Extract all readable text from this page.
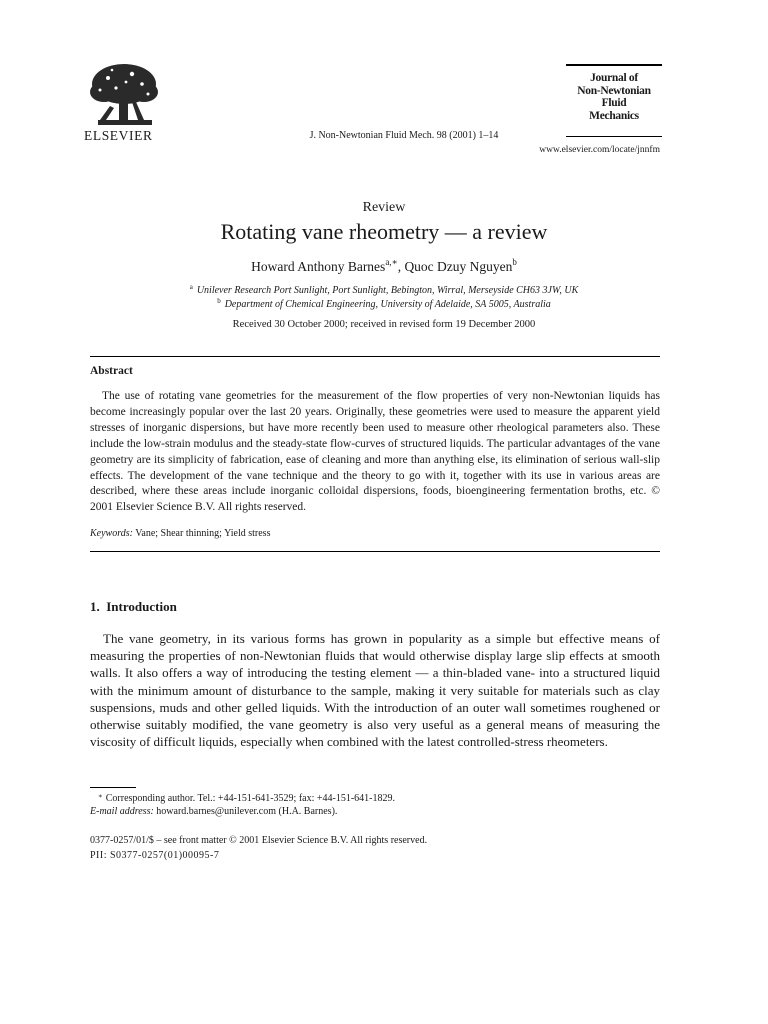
ELSEVIER	J. Non-Newtonian Fluid Mech. 98 (2001) 1–14
Journal of
Non-Newtonian
Fluid
Mechanics
www.elsevier.com/locate/jnnfm
Review
Rotating vane rheometry — a review
Howard Anthony Barnes$^{a,∗}$, Quoc Dzuy Nguyen$^b$
$^a$ Unilever Research Port Sunlight, Port Sunlight, Bebington, Wirral, Merseyside CH63 3JW, UK
$^b$ Department of Chemical Engineering, University of Adelaide, SA 5005, Australia
Received 30 October 2000; received in revised form 19 December 2000
Abstract

The use of rotating vane geometries for the measurement of the flow properties of very non-Newtonian liquids has become increasingly popular over the last 20 years. Originally, these geometries were used to measure the apparent yield stresses of inorganic dispersions, but have more recently been used to measure other rheological parameters also. These include the low-strain modulus and the steady-state flow-curves of structured liquids. The particular advantages of the vane geometry are its simplicity of fabrication, ease of cleaning and more than anything else, its elimination of serious wall-slip effects. The development of the vane technique and the theory to go with it, together with its use in various areas are described, where these areas include inorganic colloidal dispersions, foods, bioengineering fermentation broths, etc. © 2001 Elsevier Science B.V. All rights reserved.

Keywords: Vane; Shear thinning; Yield stress
1.  Introduction

The vane geometry, in its various forms has grown in popularity as a simple but effective means of measuring the properties of non-Newtonian fluids that would otherwise display large slip effects at smooth walls. It also offers a way of introducing the testing element — a thin-bladed vane- into a structured liquid with the minimum amount of disturbance to the sample, making it very suitable for materials such as clay suspensions, muds and other gelled liquids. With the introduction of an outer wall sometimes roughened or otherwise suitably modified, the vane geometry is also very useful as a general means of measuring the viscosity of difficult liquids, especially when combined with the latest controlled-stress rheometers.

∗ Corresponding author. Tel.: +44-151-641-3529; fax: +44-151-641-1829.
E-mail address: howard.barnes@unilever.com (H.A. Barnes).
0377-0257/01/$ – see front matter © 2001 Elsevier Science B.V. All rights reserved.
PII: S0377-0257(01)00095-7
